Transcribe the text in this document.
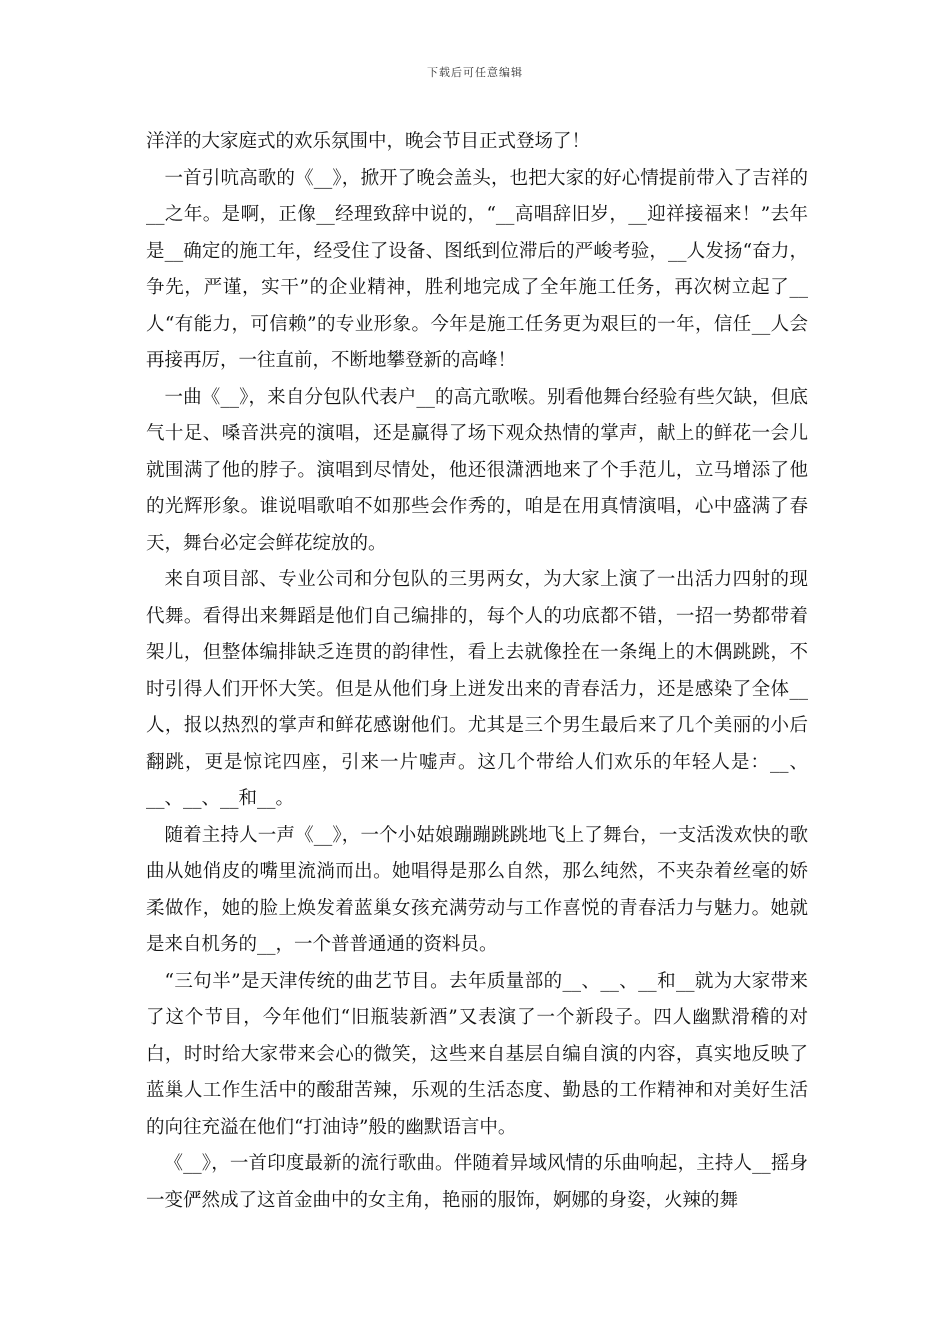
下载后可任意编辑

洋洋的大家庭式的欢乐氛围中，晚会节目正式登场了！

一首引吭高歌的《__》，掀开了晚会盖头，也把大家的好心情提前带入了吉祥的__之年。是啊，正像__经理致辞中说的，“__高唱辞旧岁，__迎祥接福来！”去年是__确定的施工年，经受住了设备、图纸到位滞后的严峻考验，__人发扬“奋力，争先，严谨，实干”的企业精神，胜利地完成了全年施工任务，再次树立起了__人“有能力，可信赖”的专业形象。今年是施工任务更为艰巨的一年，信任__人会再接再厉，一往直前，不断地攀登新的高峰！

一曲《__》，来自分包队代表户__的高亢歌喉。别看他舞台经验有些欠缺，但底气十足、嗓音洪亮的演唱，还是赢得了场下观众热情的掌声，献上的鲜花一会儿就围满了他的脖子。演唱到尽情处，他还很潇洒地来了个手范儿，立马增添了他的光辉形象。谁说唱歌咱不如那些会作秀的，咱是在用真情演唱，心中盛满了春天，舞台必定会鲜花绽放的。

来自项目部、专业公司和分包队的三男两女，为大家上演了一出活力四射的现代舞。看得出来舞蹈是他们自己编排的，每个人的功底都不错，一招一势都带着架儿，但整体编排缺乏连贯的韵律性，看上去就像拴在一条绳上的木偶跳跳，不时引得人们开怀大笑。但是从他们身上迸发出来的青春活力，还是感染了全体__人，报以热烈的掌声和鲜花感谢他们。尤其是三个男生最后来了几个美丽的小后翻跳，更是惊诧四座，引来一片嘘声。这几个带给人们欢乐的年轻人是：__、__、__、__和__。

随着主持人一声《__》，一个小姑娘蹦蹦跳跳地飞上了舞台，一支活泼欢快的歌曲从她俏皮的嘴里流淌而出。她唱得是那么自然，那么纯然，不夹杂着丝毫的娇柔做作，她的脸上焕发着蓝巢女孩充满劳动与工作喜悦的青春活力与魅力。她就是来自机务的__，一个普普通通的资料员。

“三句半”是天津传统的曲艺节目。去年质量部的__、__、__和__就为大家带来了这个节目，今年他们“旧瓶装新酒”又表演了一个新段子。四人幽默滑稽的对白，时时给大家带来会心的微笑，这些来自基层自编自演的内容，真实地反映了蓝巢人工作生活中的酸甜苦辣，乐观的生活态度、勤恳的工作精神和对美好生活的向往充溢在他们“打油诗”般的幽默语言中。

《__》，一首印度最新的流行歌曲。伴随着异域风情的乐曲响起，主持人__摇身一变俨然成了这首金曲中的女主角，艳丽的服饰，婀娜的身姿，火辣的舞
